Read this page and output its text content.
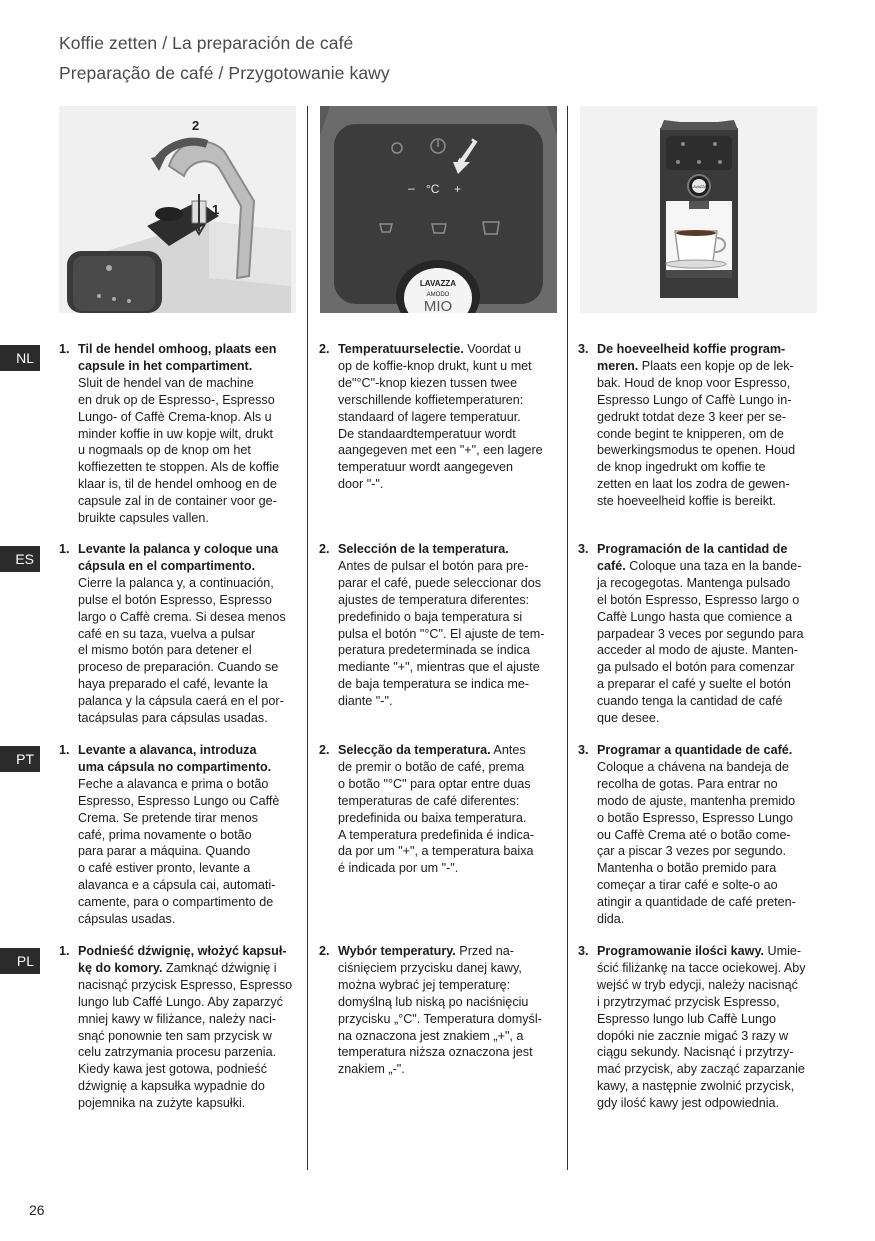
Koffie zetten / La preparación de café
Preparação de café / Przygotowanie kawy
2
1
– °C +
LAVAZZA
AMODO
MIO
LAVAZZA
NL
ES
PT
PL
1. Til de hendel omhoog, plaats een
capsule in het compartiment.
Sluit de hendel van de machine
en druk op de Espresso-, Espresso
Lungo- of Caffè Crema-knop. Als u
minder koffie in uw kopje wilt, drukt
u nogmaals op de knop om het
koffiezetten te stoppen. Als de koffie
klaar is, til de hendel omhoog en de
capsule zal in de container voor ge-
bruikte capsules vallen.
2. Temperatuurselectie. Voordat u
op de koffie-knop drukt, kunt u met
de"°C"-knop kiezen tussen twee
verschillende koffietemperaturen:
standaard of lagere temperatuur.
De standaardtemperatuur wordt
aangegeven met een "+", een lagere
temperatuur wordt aangegeven
door "-".
3. De hoeveelheid koffie program-
meren. Plaats een kopje op de lek-
bak. Houd de knop voor Espresso,
Espresso Lungo of Caffè Lungo in-
gedrukt totdat deze 3 keer per se-
conde begint te knipperen, om de
bewerkingsmodus te openen. Houd
de knop ingedrukt om koffie te
zetten en laat los zodra de gewen-
ste hoeveelheid koffie is bereikt.
1. Levante la palanca y coloque una
cápsula en el compartimento.
Cierre la palanca y, a continuación,
pulse el botón Espresso, Espresso
largo o Caffè crema. Si desea menos
café en su taza, vuelva a pulsar
el mismo botón para detener el
proceso de preparación. Cuando se
haya preparado el café, levante la
palanca y la cápsula caerá en el por-
tacápsulas para cápsulas usadas.
2. Selección de la temperatura.
Antes de pulsar el botón para pre-
parar el café, puede seleccionar dos
ajustes de temperatura diferentes:
predefinido o baja temperatura si
pulsa el botón "°C". El ajuste de tem-
peratura predeterminada se indica
mediante "+", mientras que el ajuste
de baja temperatura se indica me-
diante "-".
3. Programación de la cantidad de
café. Coloque una taza en la bande-
ja recogegotas. Mantenga pulsado
el botón Espresso, Espresso largo o
Caffè Lungo hasta que comience a
parpadear 3 veces por segundo para
acceder al modo de ajuste. Manten-
ga pulsado el botón para comenzar
a preparar el café y suelte el botón
cuando tenga la cantidad de café
que desee.
1. Levante a alavanca, introduza
uma cápsula no compartimento.
Feche a alavanca e prima o botão
Espresso, Espresso Lungo ou Caffè
Crema. Se pretende tirar menos
café, prima novamente o botão
para parar a máquina. Quando
o café estiver pronto, levante a
alavanca e a cápsula cai, automati-
camente, para o compartimento de
cápsulas usadas.
2. Selecção da temperatura. Antes
de premir o botão de café, prema
o botão "°C" para optar entre duas
temperaturas de café diferentes:
predefinida ou baixa temperatura.
A temperatura predefinida é indica-
da por um "+", a temperatura baixa
é indicada por um "-".
3. Programar a quantidade de café.
Coloque a chávena na bandeja de
recolha de gotas. Para entrar no
modo de ajuste, mantenha premido
o botão Espresso, Espresso Lungo
ou Caffè Crema até o botão come-
çar a piscar 3 vezes por segundo.
Mantenha o botão premido para
começar a tirar café e solte-o ao
atingir a quantidade de café preten-
dida.
1. Podnieść dźwignię, włożyć kapsuł-
kę do komory. Zamknąć dźwignię i
nacisnąć przycisk Espresso, Espresso
lungo lub Caffé Lungo. Aby zaparzyć
mniej kawy w filiżance, należy naci-
snąć ponownie ten sam przycisk w
celu zatrzymania procesu parzenia.
Kiedy kawa jest gotowa, podnieść
dźwignię a kapsułka wypadnie do
pojemnika na zużyte kapsułki.
2. Wybór temperatury. Przed na-
ciśnięciem przycisku danej kawy,
można wybrać jej temperaturę:
domyślną lub niską po naciśnięciu
przycisku „°C". Temperatura domyśl-
na oznaczona jest znakiem „+", a
temperatura niższa oznaczona jest
znakiem „-".
3. Programowanie ilości kawy. Umie-
ścić filiżankę na tacce ociekowej. Aby
wejść w tryb edycji, należy nacisnąć
i przytrzymać przycisk Espresso,
Espresso lungo lub Caffè Lungo
dopóki nie zacznie migać 3 razy w
ciągu sekundy. Nacisnąć i przytrzy-
mać przycisk, aby zacząć zaparzanie
kawy, a następnie zwolnić przycisk,
gdy ilość kawy jest odpowiednia.
26
